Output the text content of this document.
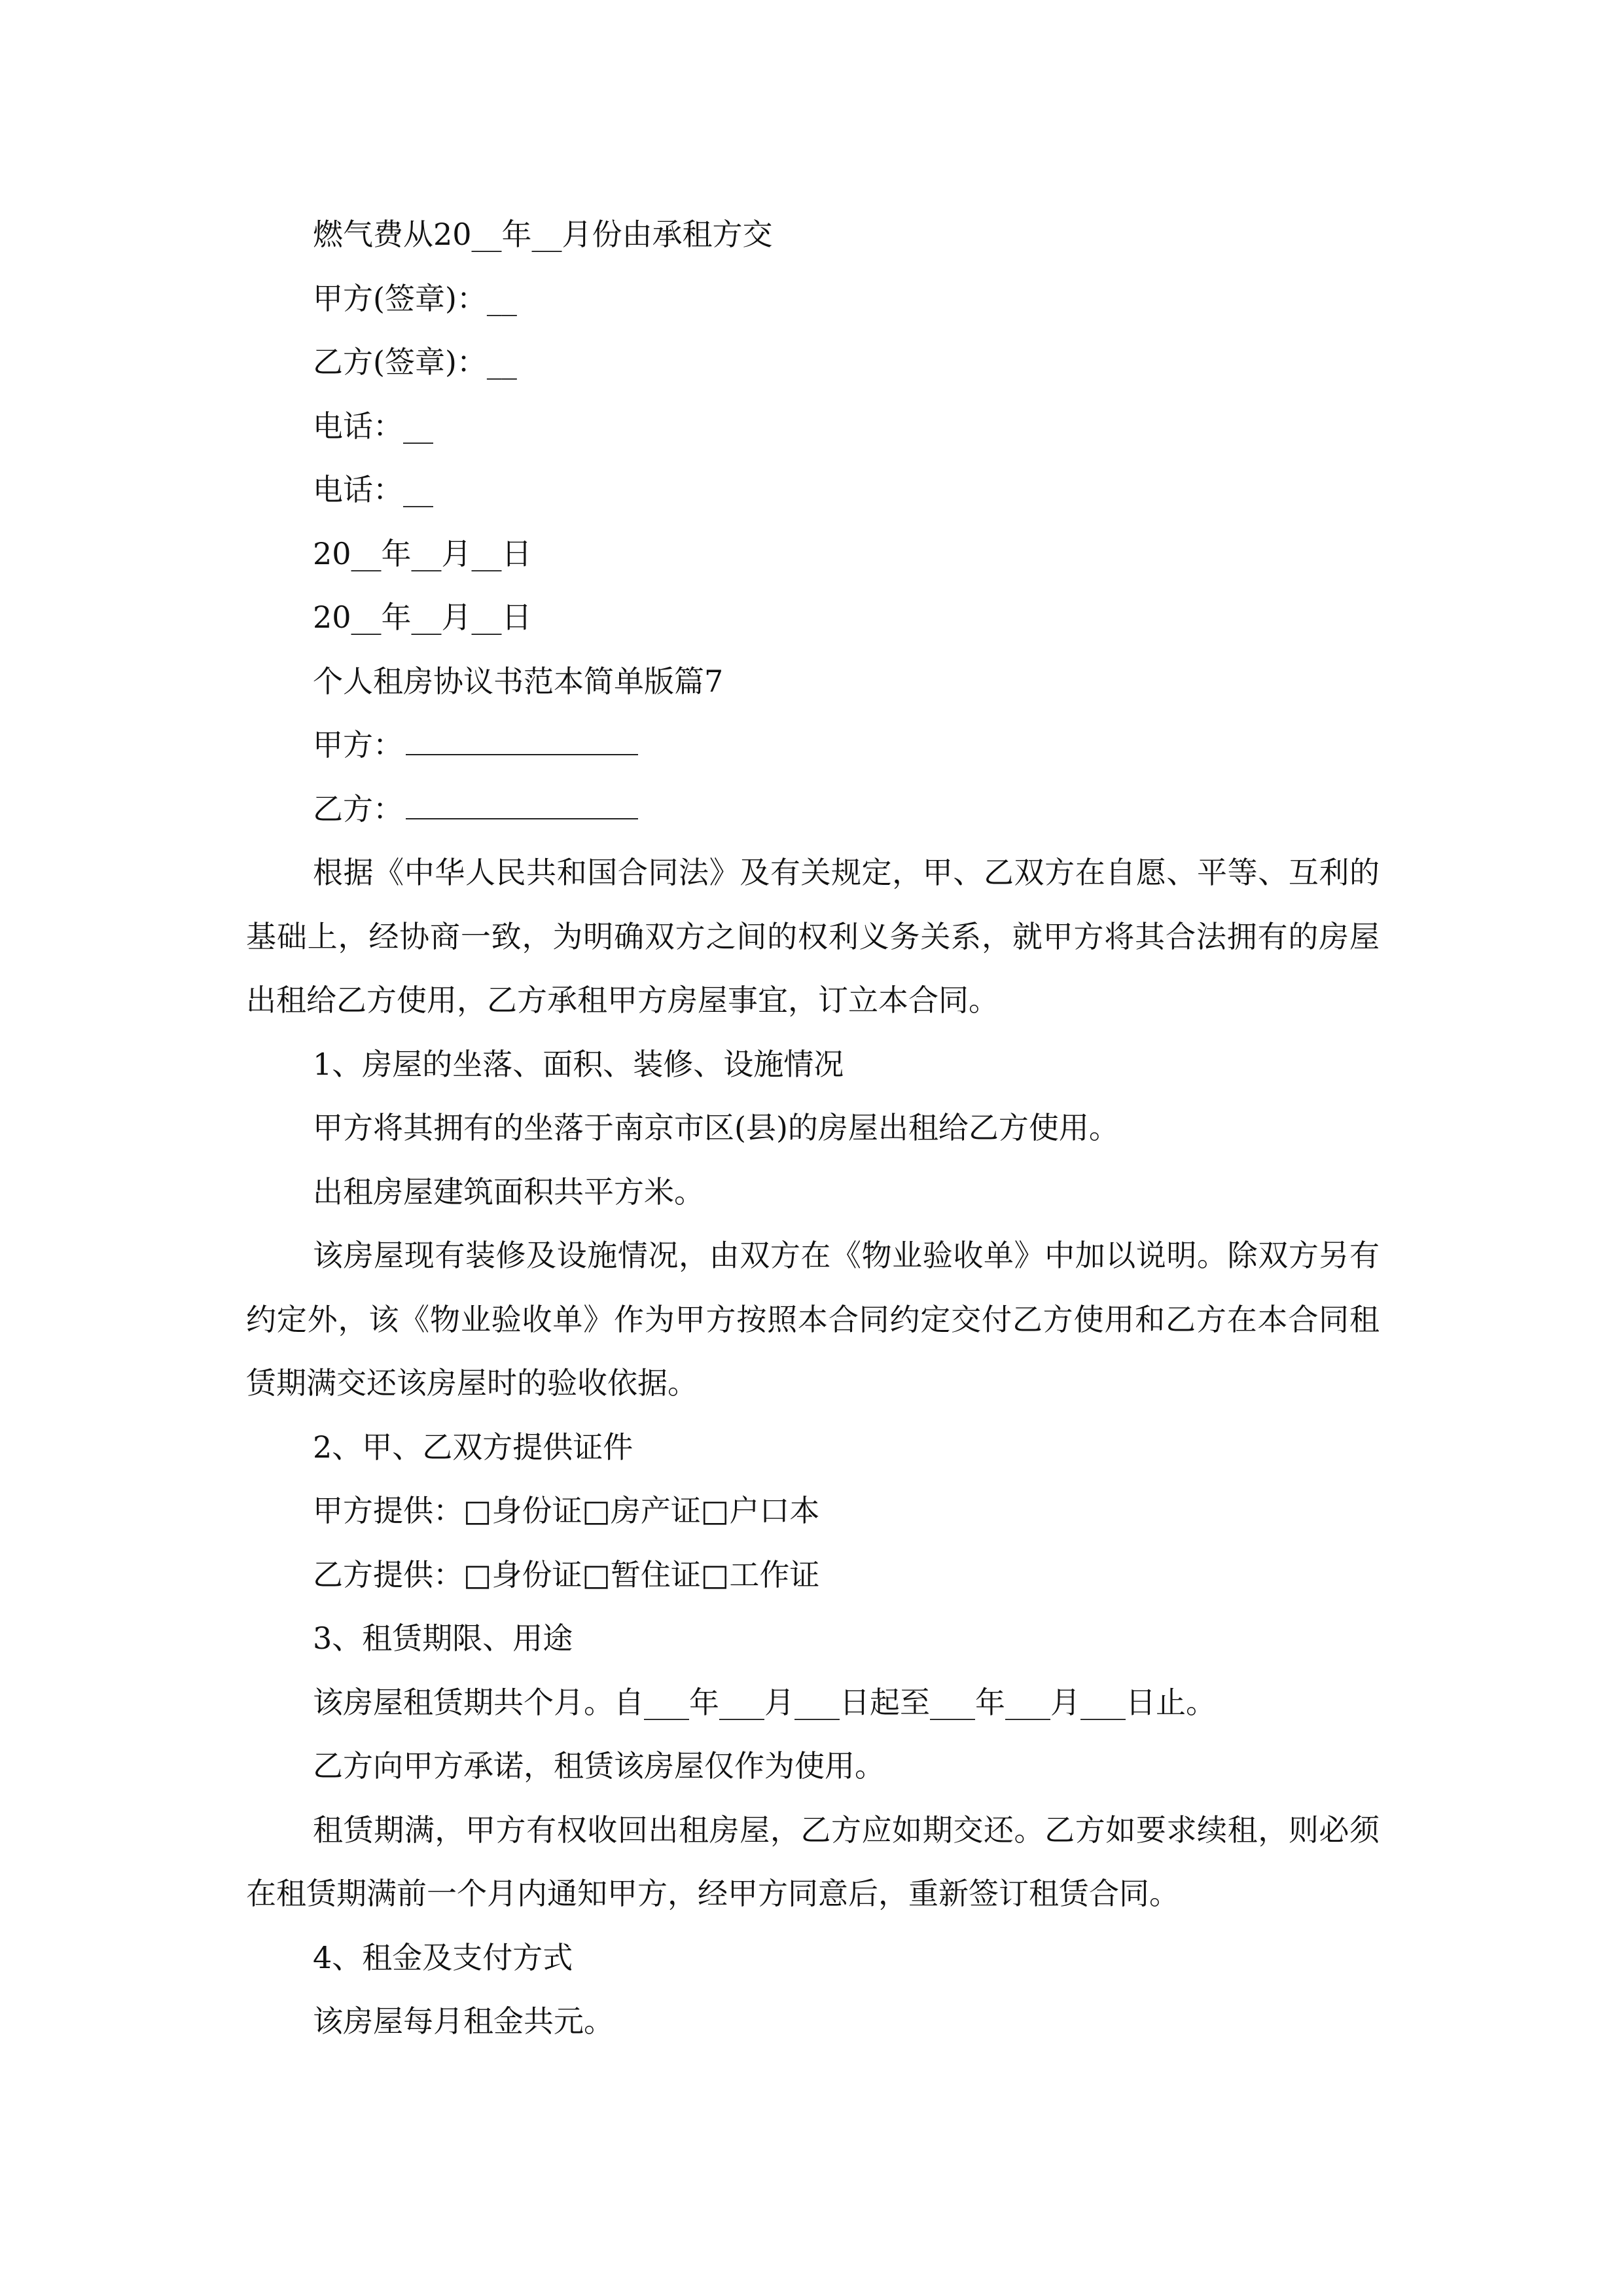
燃气费从20__年__月份由承租方交
甲方(签章)：__
乙方(签章)：__
电话：__
电话：__
20__年__月__日
20__年__月__日
个人租房协议书范本简单版篇7
甲方：
乙方：

根据《中华人民共和国合同法》及有关规定，甲、乙双方在自愿、平等、互利的基础上，经协商一致，为明确双方之间的权利义务关系，就甲方将其合法拥有的房屋出租给乙方使用，乙方承租甲方房屋事宜，订立本合同。

1、房屋的坐落、面积、装修、设施情况
甲方将其拥有的坐落于南京市区(县)的房屋出租给乙方使用。
出租房屋建筑面积共平方米。

该房屋现有装修及设施情况，由双方在《物业验收单》中加以说明。除双方另有约定外，该《物业验收单》作为甲方按照本合同约定交付乙方使用和乙方在本合同租赁期满交还该房屋时的验收依据。

2、甲、乙双方提供证件
甲方提供：□身份证□房产证□户口本
乙方提供：□身份证□暂住证□工作证
3、租赁期限、用途
该房屋租赁期共个月。自___年___月___日起至___年___月___日止。
乙方向甲方承诺，租赁该房屋仅作为使用。

租赁期满，甲方有权收回出租房屋，乙方应如期交还。乙方如要求续租，则必须在租赁期满前一个月内通知甲方，经甲方同意后，重新签订租赁合同。

4、租金及支付方式
该房屋每月租金共元。
